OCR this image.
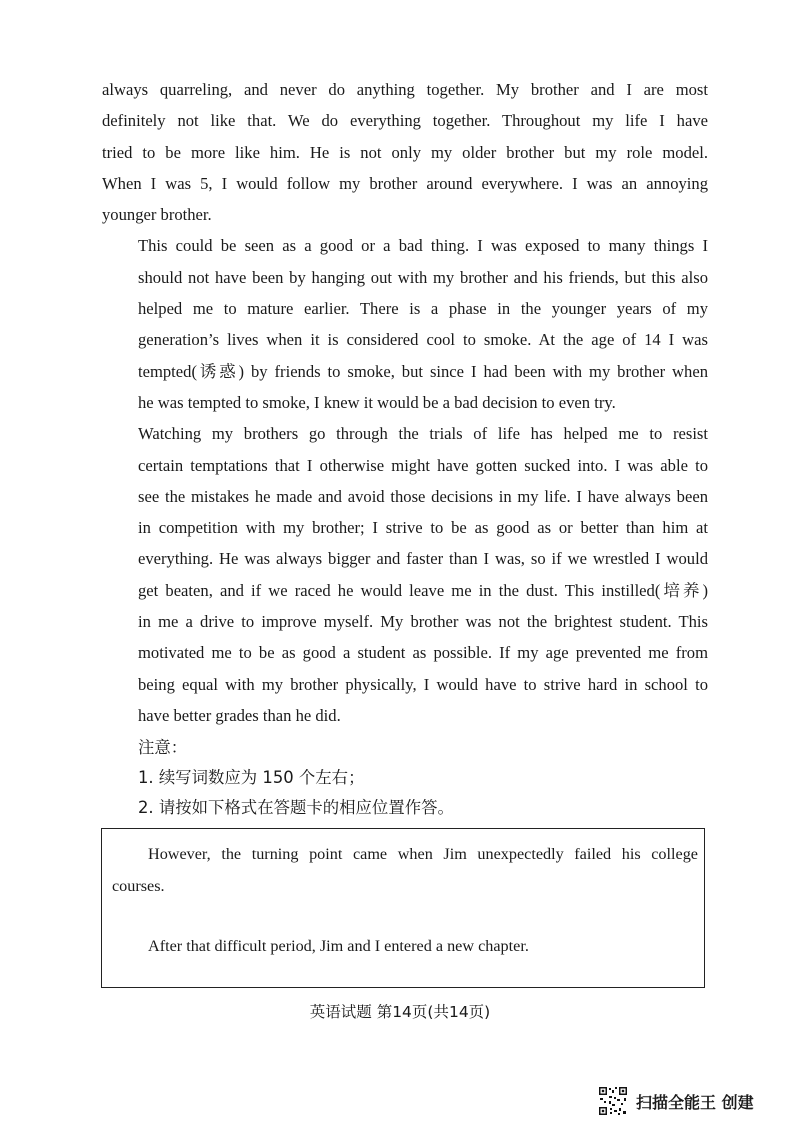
always quarreling, and never do anything together. My brother and I are most
definitely not like that. We do everything together. Throughout my life I have
tried to be more like him. He is not only my older brother but my role model.
When I was 5, I would follow my brother around everywhere. I was an annoying
younger brother.

This could be seen as a good or a bad thing. I was exposed to many things I
should not have been by hanging out with my brother and his friends, but this also
helped me to mature earlier. There is a phase in the younger years of my
generation’s lives when it is considered cool to smoke. At the age of 14 I was
tempted(诱惑) by friends to smoke, but since I had been with my brother when
he was tempted to smoke, I knew it would be a bad decision to even try.

Watching my brothers go through the trials of life has helped me to resist
certain temptations that I otherwise might have gotten sucked into. I was able to
see the mistakes he made and avoid those decisions in my life. I have always been
in competition with my brother; I strive to be as good as or better than him at
everything. He was always bigger and faster than I was, so if we wrestled I would
get beaten, and if we raced he would leave me in the dust. This instilled(培养)
in me a drive to improve myself. My brother was not the brightest student. This
motivated me to be as good a student as possible. If my age prevented me from
being equal with my brother physically, I would have to strive hard in school to
have better grades than he did.

注意：
1. 续写词数应为 150 个左右；
2. 请按如下格式在答题卡的相应位置作答。
However, the turning point came when Jim unexpectedly failed his college
courses.
After that difficult period, Jim and I entered a new chapter.
英语试题 第14页(共14页)
扫描全能王 创建
